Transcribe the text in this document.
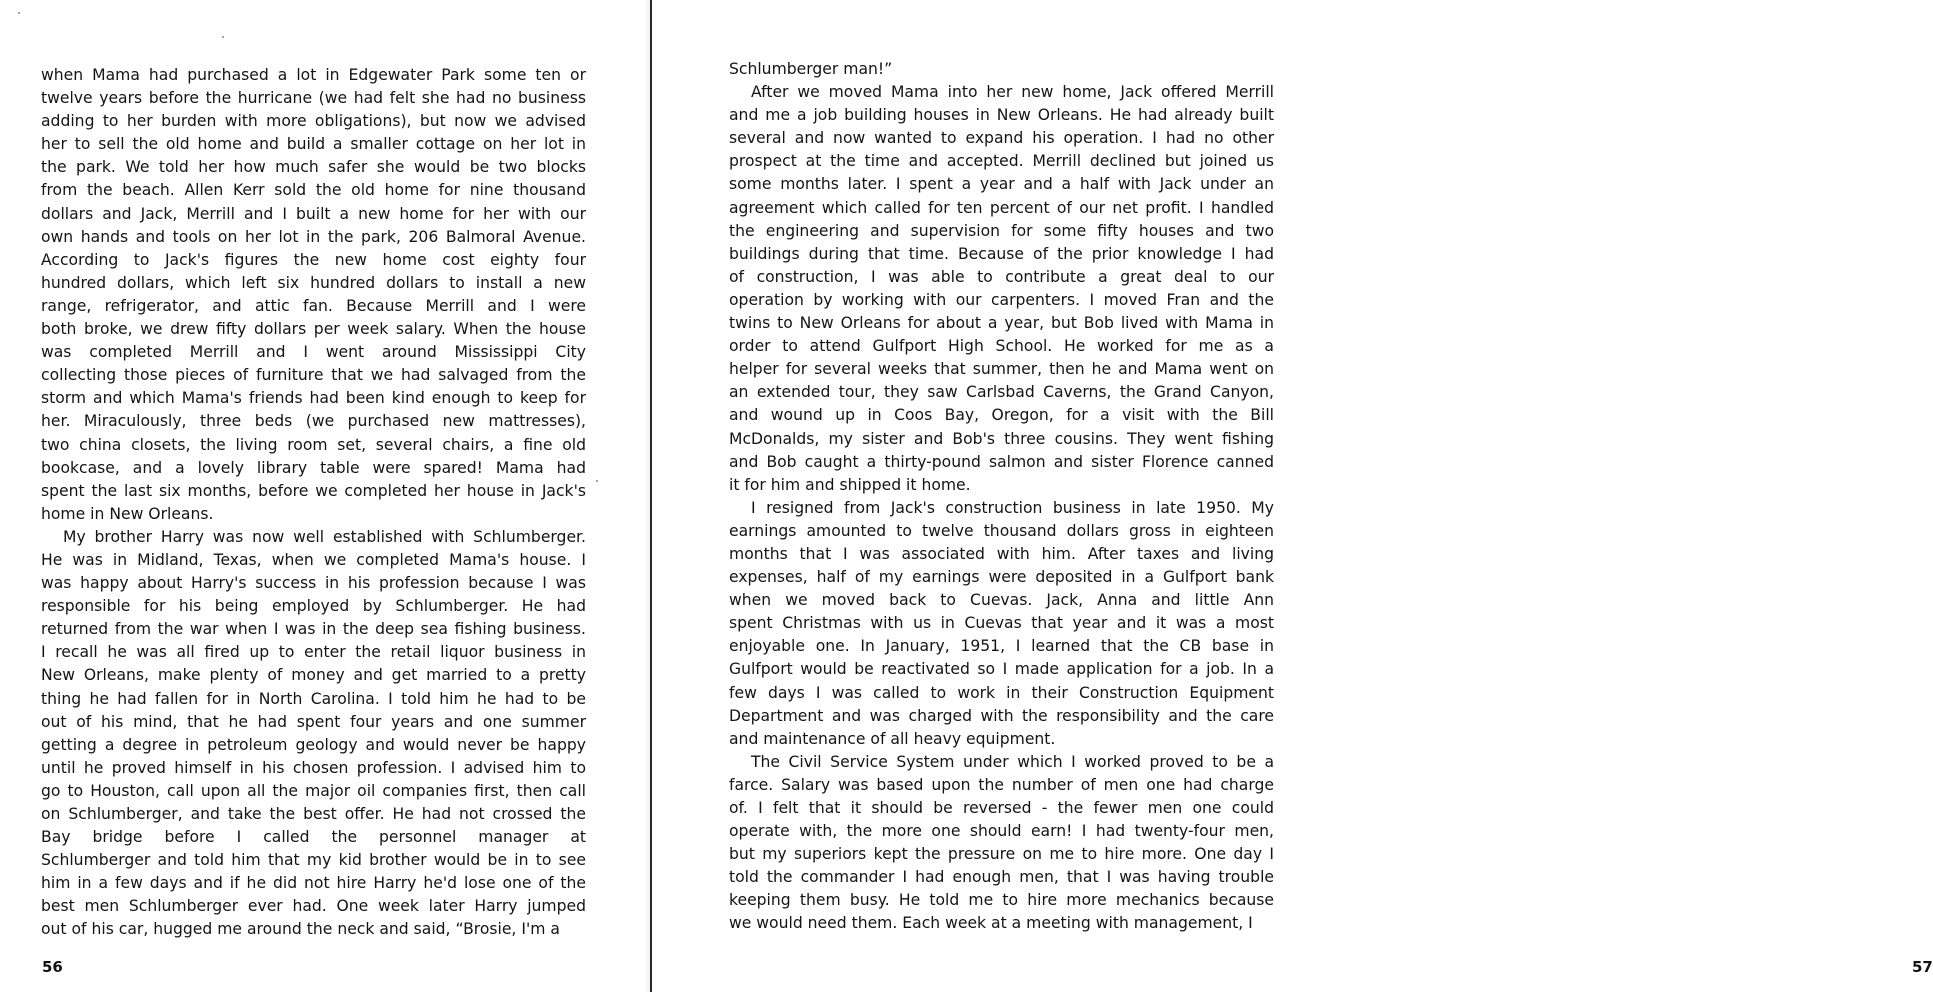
when Mama had purchased a lot in Edgewater Park some ten or
twelve years before the hurricane (we had felt she had no business
adding to her burden with more obligations), but now we advised
her to sell the old home and build a smaller cottage on her lot in
the park. We told her how much safer she would be two blocks
from the beach. Allen Kerr sold the old home for nine thousand
dollars and Jack, Merrill and I built a new home for her with our
own hands and tools on her lot in the park, 206 Balmoral Avenue.
According to Jack's figures the new home cost eighty four
hundred dollars, which left six hundred dollars to install a new
range, refrigerator, and attic fan. Because Merrill and I were
both broke, we drew fifty dollars per week salary. When the house
was completed Merrill and I went around Mississippi City
collecting those pieces of furniture that we had salvaged from the
storm and which Mama's friends had been kind enough to keep for
her. Miraculously, three beds (we purchased new mattresses),
two china closets, the living room set, several chairs, a fine old
bookcase, and a lovely library table were spared! Mama had
spent the last six months, before we completed her house in Jack's
home in New Orleans.
My brother Harry was now well established with Schlumberger.
He was in Midland, Texas, when we completed Mama's house. I
was happy about Harry's success in his profession because I was
responsible for his being employed by Schlumberger. He had
returned from the war when I was in the deep sea fishing business.
I recall he was all fired up to enter the retail liquor business in
New Orleans, make plenty of money and get married to a pretty
thing he had fallen for in North Carolina. I told him he had to be
out of his mind, that he had spent four years and one summer
getting a degree in petroleum geology and would never be happy
until he proved himself in his chosen profession. I advised him to
go to Houston, call upon all the major oil companies first, then call
on Schlumberger, and take the best offer. He had not crossed the
Bay bridge before I called the personnel manager at
Schlumberger and told him that my kid brother would be in to see
him in a few days and if he did not hire Harry he'd lose one of the
best men Schlumberger ever had. One week later Harry jumped
out of his car, hugged me around the neck and said, “Brosie, I'm a
56	57
Schlumberger man!”
After we moved Mama into her new home, Jack offered Merrill
and me a job building houses in New Orleans. He had already built
several and now wanted to expand his operation. I had no other
prospect at the time and accepted. Merrill declined but joined us
some months later. I spent a year and a half with Jack under an
agreement which called for ten percent of our net profit. I handled
the engineering and supervision for some fifty houses and two
buildings during that time. Because of the prior knowledge I had
of construction, I was able to contribute a great deal to our
operation by working with our carpenters. I moved Fran and the
twins to New Orleans for about a year, but Bob lived with Mama in
order to attend Gulfport High School. He worked for me as a
helper for several weeks that summer, then he and Mama went on
an extended tour, they saw Carlsbad Caverns, the Grand Canyon,
and wound up in Coos Bay, Oregon, for a visit with the Bill
McDonalds, my sister and Bob's three cousins. They went fishing
and Bob caught a thirty-pound salmon and sister Florence canned
it for him and shipped it home.
I resigned from Jack's construction business in late 1950. My
earnings amounted to twelve thousand dollars gross in eighteen
months that I was associated with him. After taxes and living
expenses, half of my earnings were deposited in a Gulfport bank
when we moved back to Cuevas. Jack, Anna and little Ann
spent Christmas with us in Cuevas that year and it was a most
enjoyable one. In January, 1951, I learned that the CB base in
Gulfport would be reactivated so I made application for a job. In a
few days I was called to work in their Construction Equipment
Department and was charged with the responsibility and the care
and maintenance of all heavy equipment.
The Civil Service System under which I worked proved to be a
farce. Salary was based upon the number of men one had charge
of. I felt that it should be reversed - the fewer men one could
operate with, the more one should earn! I had twenty-four men,
but my superiors kept the pressure on me to hire more. One day I
told the commander I had enough men, that I was having trouble
keeping them busy. He told me to hire more mechanics because
we would need them. Each week at a meeting with management, I
